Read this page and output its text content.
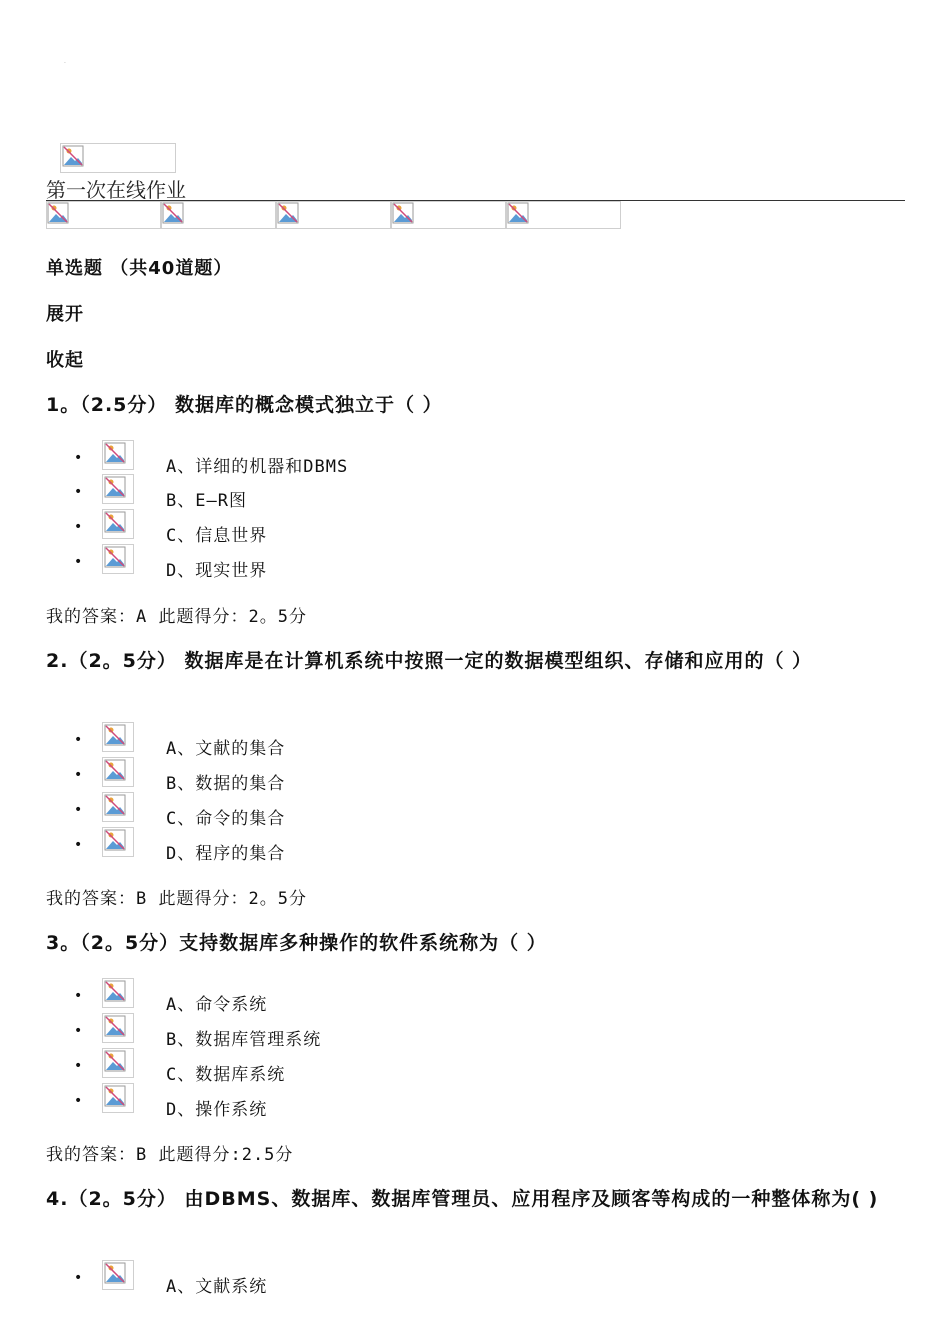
·
第一次在线作业
单选题 （共40道题）
展开
收起
1。（2.5分） 数据库的概念模式独立于（ ）
•	A、详细的机器和DBMS
•	B、E—R图
•	C、信息世界
•	D、现实世界
我的答案：A 此题得分：2。5分
2.（2。5分） 数据库是在计算机系统中按照一定的数据模型组织、存储和应用的（ ）
•	A、文献的集合
•	B、数据的集合
•	C、命令的集合
•	D、程序的集合
我的答案：B 此题得分：2。5分
3。（2。5分）支持数据库多种操作的软件系统称为（ ）
•	A、命令系统
•	B、数据库管理系统
•	C、数据库系统
•	D、操作系统
我的答案：B 此题得分:2.5分
4.（2。5分） 由DBMS、数据库、数据库管理员、应用程序及顾客等构成的一种整体称为( )
•	A、文献系统
